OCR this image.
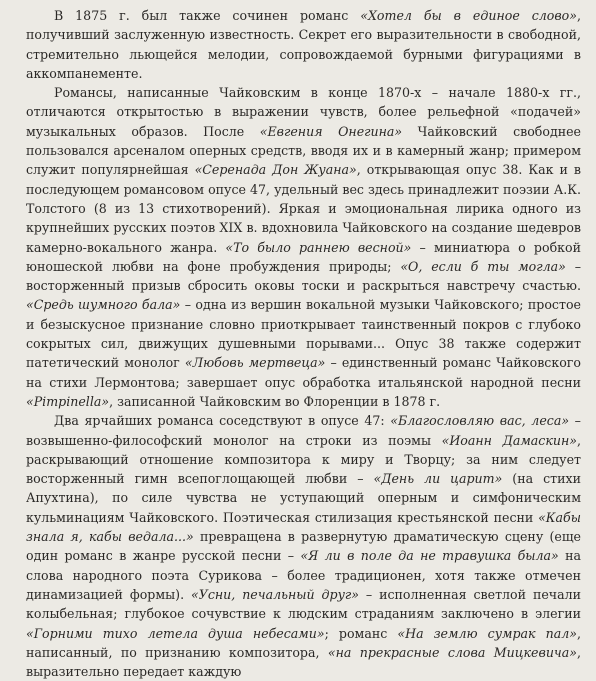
В 1875 г. был также сочинен романс «Хотел бы в единое слово», получивший заслуженную известность. Секрет его выразительности в свободной, стремительно льющейся мелодии, сопровождаемой бурными фигурациями в аккомпанементе.

Романсы, написанные Чайковским в конце 1870-х – начале 1880-х гг., отличаются открытостью в выражении чувств, более рельефной «подачей» музыкальных образов. После «Евгения Онегина» Чайковский свободнее пользовался арсеналом оперных средств, вводя их и в камерный жанр; примером служит популярнейшая «Серенада Дон Жуана», открывающая опус 38. Как и в последующем романсовом опусе 47, удельный вес здесь принадлежит поэзии А.К. Толстого (8 из 13 стихотворений). Яркая и эмоциональная лирика одного из крупнейших русских поэтов XIX в. вдохновила Чайковского на создание шедевров камерно-вокального жанра. «То было раннею весной» – миниатюра о робкой юношеской любви на фоне пробуждения природы; «О, если б ты могла» – восторженный призыв сбросить оковы тоски и раскрыться навстречу счастью. «Средь шумного бала» – одна из вершин вокальной музыки Чайковского; простое и безыскусное признание словно приоткрывает таинственный покров с глубоко сокрытых сил, движущих душевными порывами... Опус 38 также содержит патетический монолог «Любовь мертвеца» – единственный романс Чайковского на стихи Лермонтова; завершает опус обработка итальянской народной песни «Pimpinella», записанной Чайковским во Флоренции в 1878 г.

Два ярчайших романса соседствуют в опусе 47: «Благословляю вас, леса» – возвышенно-философский монолог на строки из поэмы «Иоанн Дамаскин», раскрывающий отношение композитора к миру и Творцу; за ним следует восторженный гимн всепоглощающей любви – «День ли царит» (на стихи Апухтина), по силе чувства не уступающий оперным и симфоническим кульминациям Чайковского. Поэтическая стилизация крестьянской песни «Кабы знала я, кабы ведала...» превращена в развернутую драматическую сцену (еще один романс в жанре русской песни – «Я ли в поле да не травушка была» на слова народного поэта Сурикова – более традиционен, хотя также отмечен динамизацией формы). «Усни, печальный друг» – исполненная светлой печали колыбельная; глубокое сочувствие к людским страданиям заключено в элегии «Горними тихо летела душа небесами»; романс «На землю сумрак пал», написанный, по признанию композитора, «на прекрасные слова Мицкевича», выразительно передает каждую
